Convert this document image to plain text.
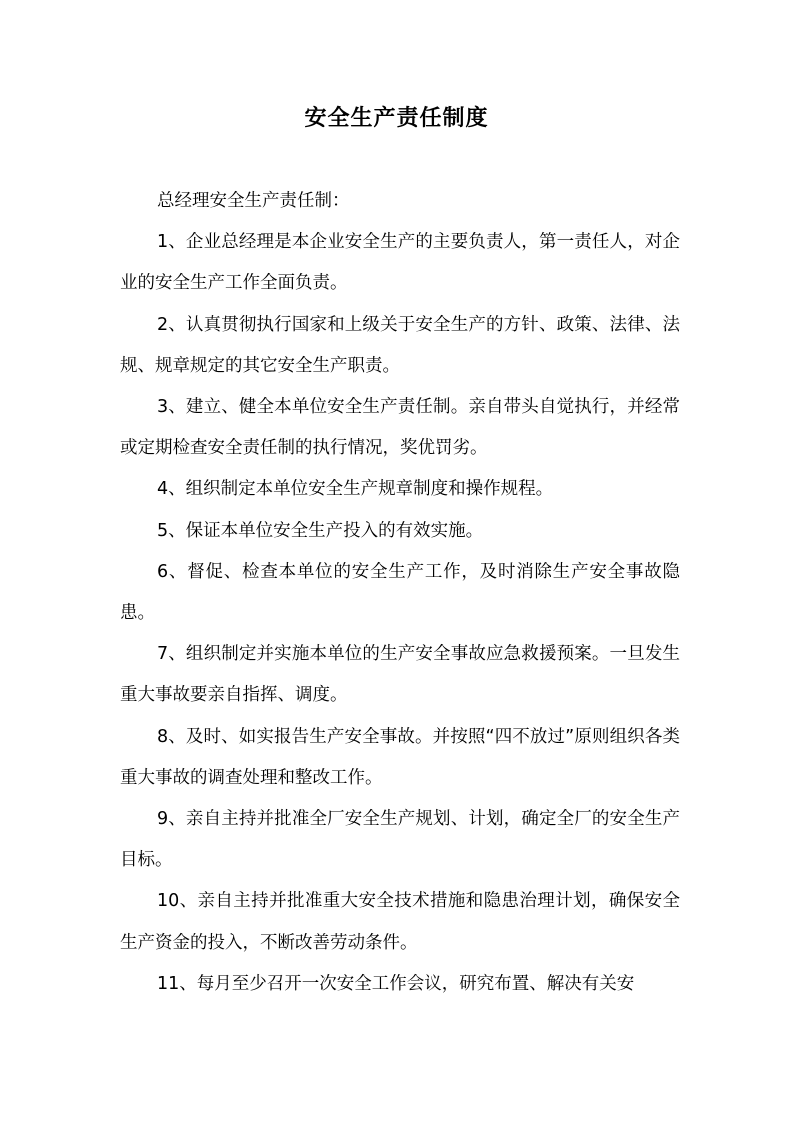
安全生产责任制度

总经理安全生产责任制：

1、企业总经理是本企业安全生产的主要负责人，第一责任人，对企业的安全生产工作全面负责。

2、认真贯彻执行国家和上级关于安全生产的方针、政策、法律、法规、规章规定的其它安全生产职责。

3、建立、健全本单位安全生产责任制。亲自带头自觉执行，并经常或定期检查安全责任制的执行情况，奖优罚劣。

4、组织制定本单位安全生产规章制度和操作规程。

5、保证本单位安全生产投入的有效实施。

6、督促、检查本单位的安全生产工作，及时消除生产安全事故隐患。

7、组织制定并实施本单位的生产安全事故应急救援预案。一旦发生重大事故要亲自指挥、调度。

8、及时、如实报告生产安全事故。并按照“四不放过”原则组织各类重大事故的调查处理和整改工作。

9、亲自主持并批准全厂安全生产规划、计划，确定全厂的安全生产目标。

10、亲自主持并批准重大安全技术措施和隐患治理计划，确保安全生产资金的投入，不断改善劳动条件。

11、每月至少召开一次安全工作会议，研究布置、解决有关安
